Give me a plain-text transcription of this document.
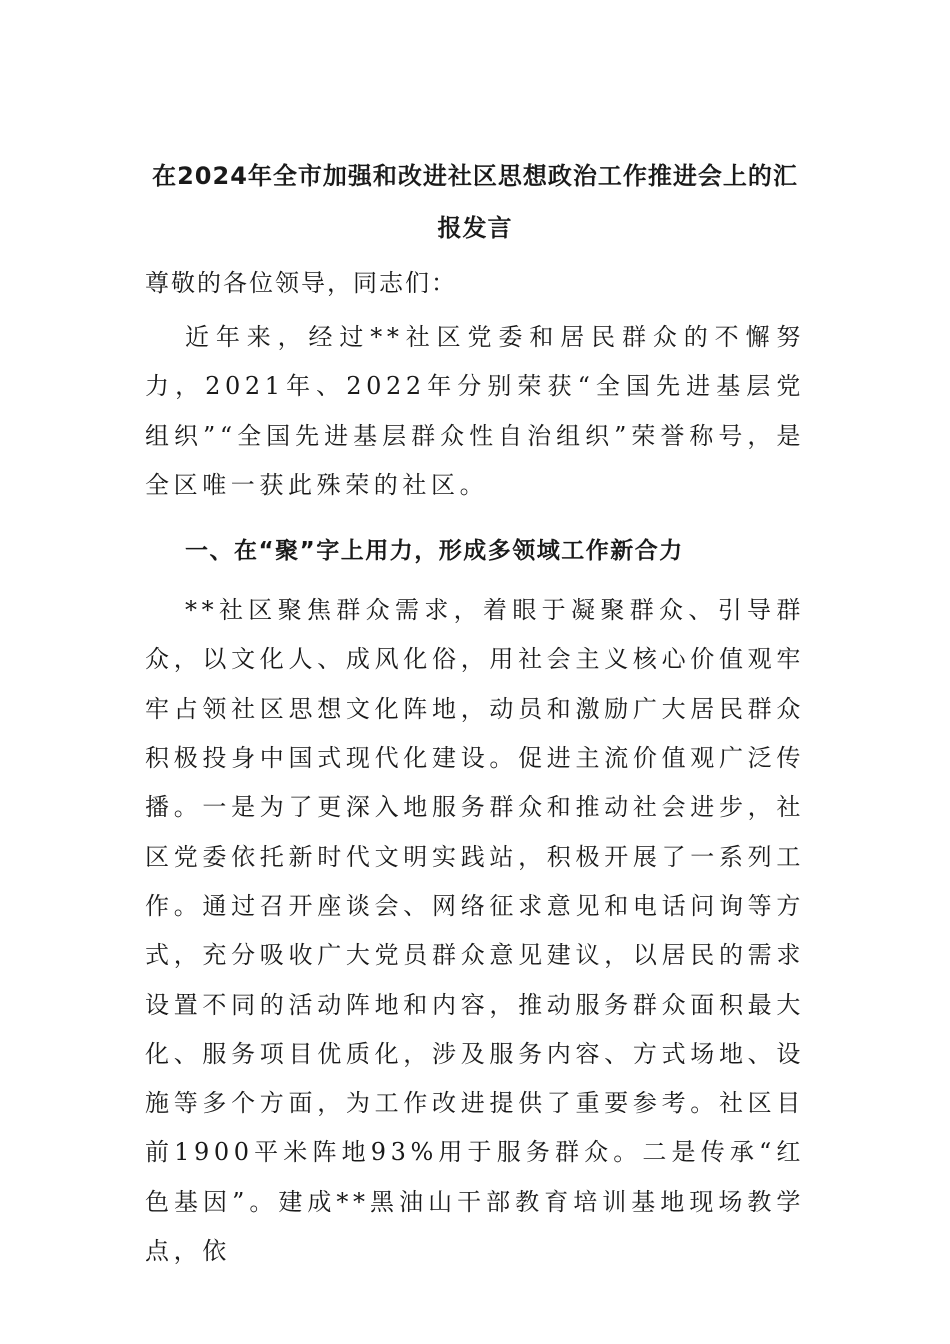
在2024年全市加强和改进社区思想政治工作推进会上的汇报发言

尊敬的各位领导，同志们：

近年来，经过**社区党委和居民群众的不懈努力，2021年、2022年分别荣获“全国先进基层党组织”“全国先进基层群众性自治组织”荣誉称号，是全区唯一获此殊荣的社区。

一、在“聚”字上用力，形成多领域工作新合力

**社区聚焦群众需求，着眼于凝聚群众、引导群众，以文化人、成风化俗，用社会主义核心价值观牢牢占领社区思想文化阵地，动员和激励广大居民群众积极投身中国式现代化建设。促进主流价值观广泛传播。一是为了更深入地服务群众和推动社会进步，社区党委依托新时代文明实践站，积极开展了一系列工作。通过召开座谈会、网络征求意见和电话问询等方式，充分吸收广大党员群众意见建议，以居民的需求设置不同的活动阵地和内容，推动服务群众面积最大化、服务项目优质化，涉及服务内容、方式场地、设施等多个方面，为工作改进提供了重要参考。社区目前1900平米阵地93%用于服务群众。二是传承“红色基因”。建成**黑油山干部教育培训基地现场教学点，依
